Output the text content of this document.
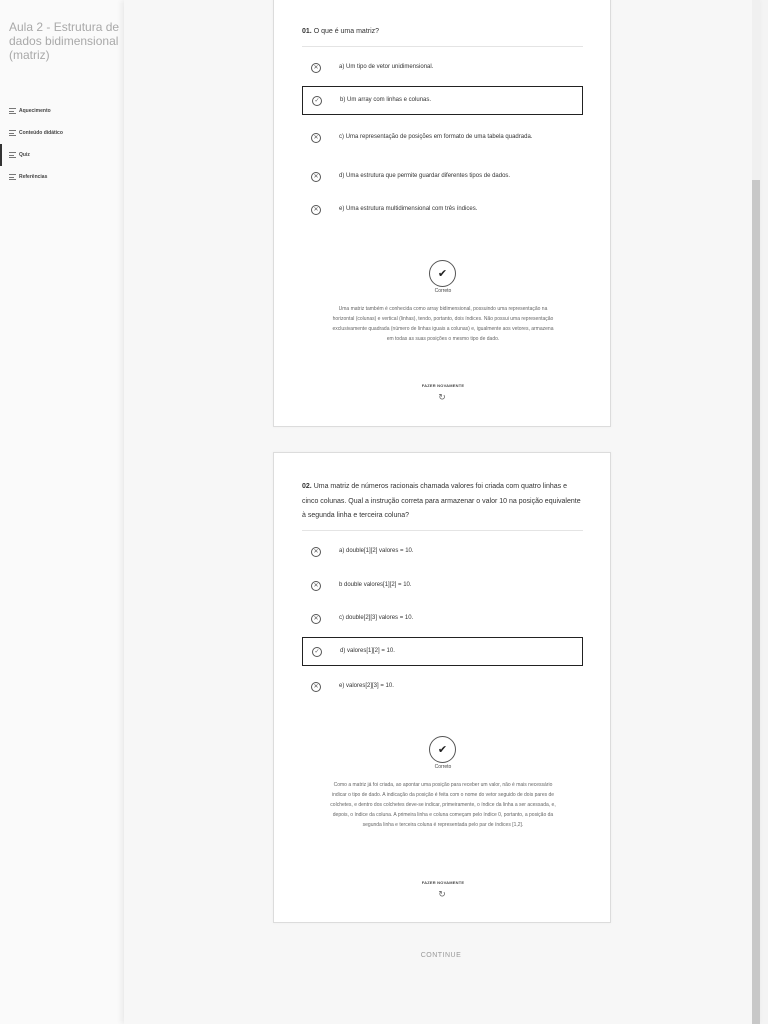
Aula 2 - Estrutura de dados bidimensional (matriz)
Aquecimento
Conteúdo didático
Quiz
Referências
01. O que é uma matriz?
✕	a) Um tipo de vetor unidimensional.
✓	b) Um array com linhas e colunas.
✕	c) Uma representação de posições em formato de uma tabela quadrada.
✕	d) Uma estrutura que permite guardar diferentes tipos de dados.
✕	e) Uma estrutura multidimensional com três índices.
✔
Correto
Uma matriz também é conhecida como array bidimensional, possuindo uma representação na horizontal (colunas) e vertical (linhas), tendo, portanto, dois índices. Não possui uma representação exclusivamente quadrada (número de linhas iguais a colunas) e, igualmente aos vetores, armazena em todas as suas posições o mesmo tipo de dado.
FAZER NOVAMENTE
↻
02. Uma matriz de números racionais chamada valores foi criada com quatro linhas e cinco colunas. Qual a instrução correta para armazenar o valor 10 na posição equivalente à segunda linha e terceira coluna?
✕	a) double[1][2] valores = 10.
✕	b double valores[1][2] = 10.
✕	c) double[2][3] valores = 10.
✓	d) valores[1][2] = 10.
✕	e) valores[2][3] = 10.
✔
Correto
Como a matriz já foi criada, ao apontar uma posição para receber um valor, não é mais necessário indicar o tipo de dado. A indicação da posição é feita com o nome do vetor seguido de dois pares de colchetes, e dentro dos colchetes deve-se indicar, primeiramente, o índice da linha a ser acessada, e, depois, o índice da coluna. A primeira linha e coluna começam pelo índice 0, portanto, a posição da segunda linha e terceira coluna é representada pelo par de índices [1,2].
FAZER NOVAMENTE
↻
CONTINUE
